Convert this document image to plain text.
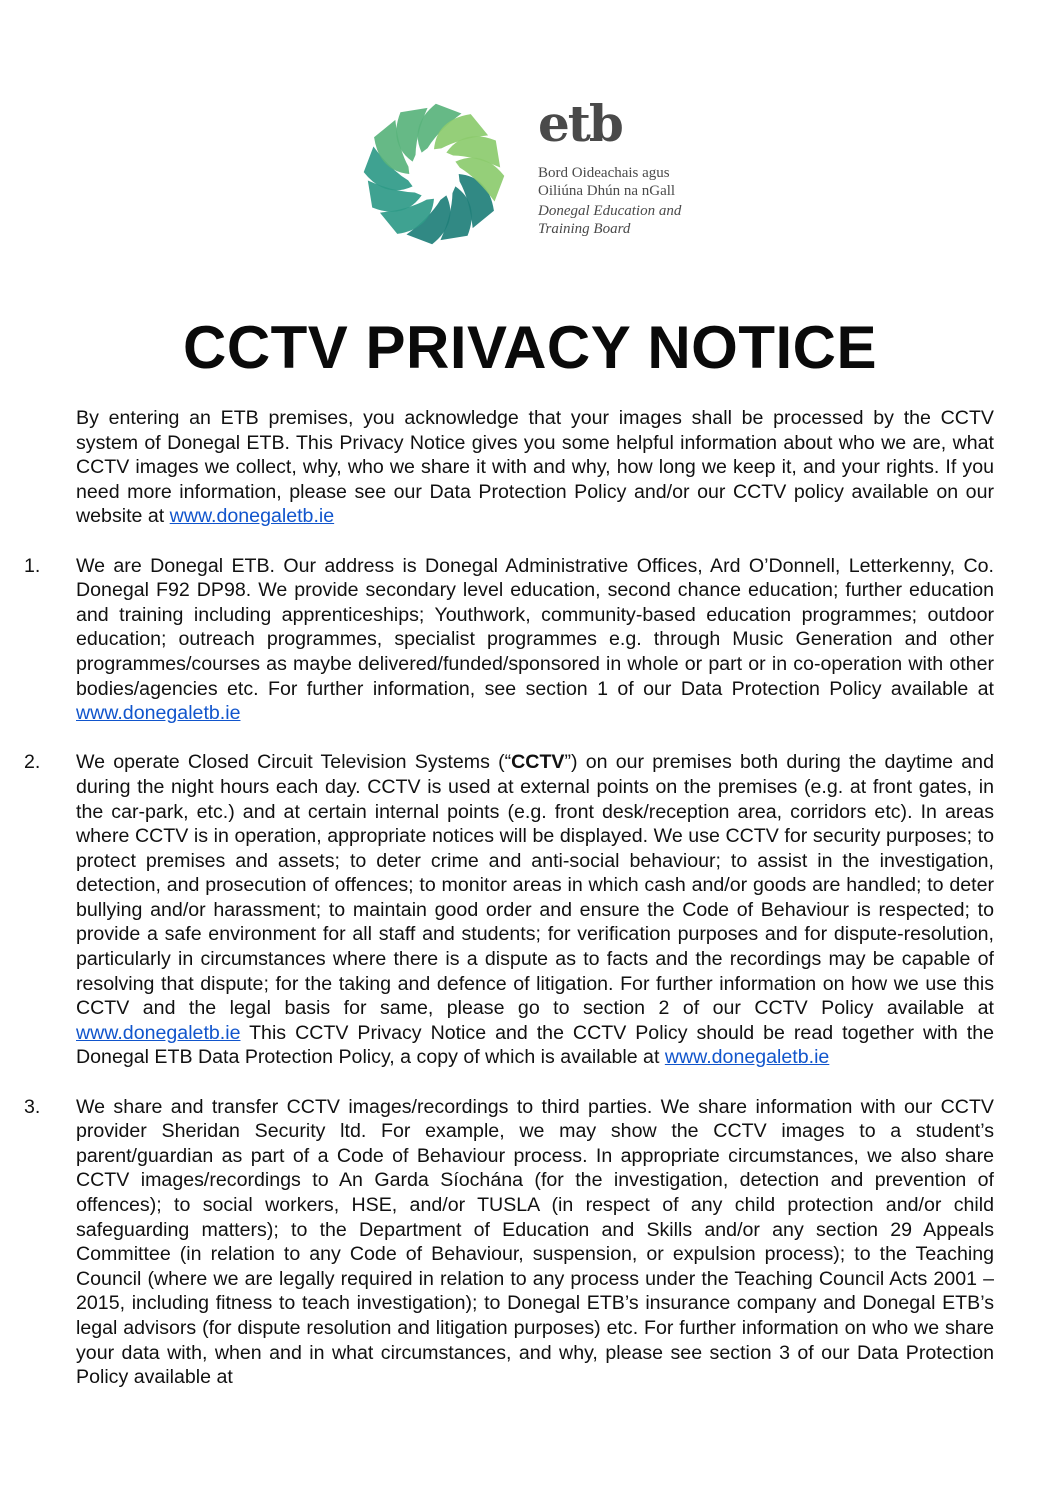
etb
Bord Oideachais agus
Oiliúna Dhún na nGall
Donegal Education and
Training Board
CCTV PRIVACY NOTICE

By entering an ETB premises, you acknowledge that your images shall be processed by the CCTV system of Donegal ETB. This Privacy Notice gives you some helpful information about who we are, what CCTV images we collect, why, who we share it with and why, how long we keep it, and your rights. If you need more information, please see our Data Protection Policy and/or our CCTV policy available on our website at www.donegaletb.ie

1. We are Donegal ETB. Our address is Donegal Administrative Offices, Ard O’Donnell, Letterkenny, Co. Donegal F92 DP98. We provide secondary level education, second chance education; further education and training including apprenticeships; Youthwork, community-based education programmes; outdoor education; outreach programmes, specialist programmes e.g. through Music Generation and other programmes/courses as maybe delivered/funded/sponsored in whole or part or in co-operation with other bodies/agencies etc. For further information, see section 1 of our Data Protection Policy available at www.donegaletb.ie
2. We operate Closed Circuit Television Systems (“CCTV”) on our premises both during the daytime and during the night hours each day. CCTV is used at external points on the premises (e.g. at front gates, in the car-park, etc.) and at certain internal points (e.g. front desk/reception area, corridors etc). In areas where CCTV is in operation, appropriate notices will be displayed. We use CCTV for security purposes; to protect premises and assets; to deter crime and anti-social behaviour; to assist in the investigation, detection, and prosecution of offences; to monitor areas in which cash and/or goods are handled; to deter bullying and/or harassment; to maintain good order and ensure the Code of Behaviour is respected; to provide a safe environment for all staff and students; for verification purposes and for dispute-resolution, particularly in circumstances where there is a dispute as to facts and the recordings may be capable of resolving that dispute; for the taking and defence of litigation. For further information on how we use this CCTV and the legal basis for same, please go to section 2 of our CCTV Policy available at www.donegaletb.ie This CCTV Privacy Notice and the CCTV Policy should be read together with the Donegal ETB Data Protection Policy, a copy of which is available at www.donegaletb.ie
3. We share and transfer CCTV images/recordings to third parties. We share information with our CCTV provider Sheridan Security ltd. For example, we may show the CCTV images to a student’s parent/guardian as part of a Code of Behaviour process. In appropriate circumstances, we also share CCTV images/recordings to An Garda Síochána (for the investigation, detection and prevention of offences); to social workers, HSE, and/or TUSLA (in respect of any child protection and/or child safeguarding matters); to the Department of Education and Skills and/or any section 29 Appeals Committee (in relation to any Code of Behaviour, suspension, or expulsion process); to the Teaching Council (where we are legally required in relation to any process under the Teaching Council Acts 2001 – 2015, including fitness to teach investigation); to Donegal ETB’s insurance company and Donegal ETB’s legal advisors (for dispute resolution and litigation purposes) etc. For further information on who we share your data with, when and in what circumstances, and why, please see section 3 of our Data Protection Policy available at
